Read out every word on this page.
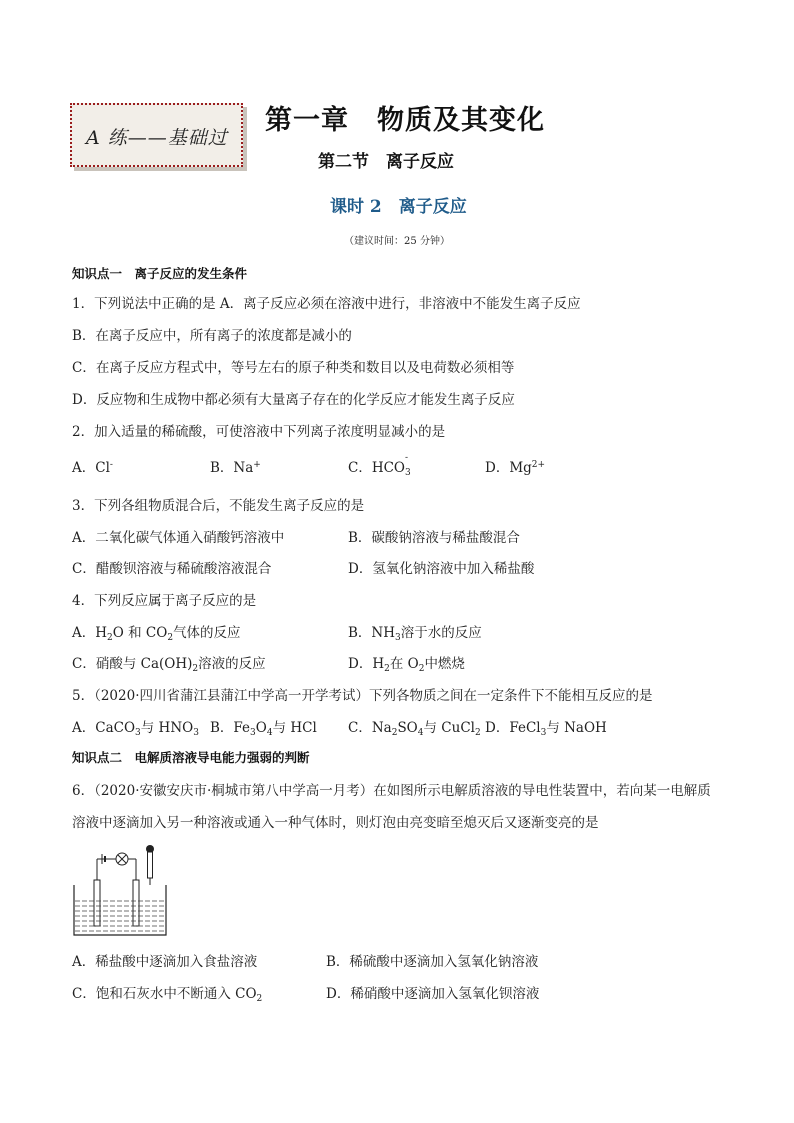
A 练——基础过
第一章　物质及其变化
第二节　离子反应
课时 2　离子反应
（建议时间：25 分钟）
知识点一　离子反应的发生条件
1．下列说法中正确的是 A．离子反应必须在溶液中进行，非溶液中不能发生离子反应
B．在离子反应中，所有离子的浓度都是减小的
C．在离子反应方程式中，等号左右的原子种类和数目以及电荷数必须相等
D．反应物和生成物中都必须有大量离子存在的化学反应才能发生离子反应
2．加入适量的稀硫酸，可使溶液中下列离子浓度明显减小的是
A．Cl-	B．Na+	C．HCO
-
3	D．$Mg^{2+}$
3．下列各组物质混合后，不能发生离子反应的是
A．二氧化碳气体通入硝酸钙溶液中	B．碳酸钠溶液与稀盐酸混合
C．醋酸钡溶液与稀硫酸溶液混合	D．氢氧化钠溶液中加入稀盐酸
4．下列反应属于离子反应的是
A．$H_2O$ 和 $CO_2$气体的反应	B．$NH_3$溶于水的反应
C．硝酸与 $Ca(OH)_2$溶液的反应	D．$H_2$在 $O_2$中燃烧
5．（2020·四川省蒲江县蒲江中学高一开学考试）下列各物质之间在一定条件下不能相互反应的是
A．CaCO$_3$与 $HNO_3$ B．$Fe_3O_4$与 HCl C．$Na_2SO_4$与 CuCl$_2$ D．FeCl$_3$与 NaOH
知识点二　电解质溶液导电能力强弱的判断
6．（2020·安徽安庆市·桐城市第八中学高一月考）在如图所示电解质溶液的导电性装置中，若向某一电解质
溶液中逐滴加入另一种溶液或通入一种气体时，则灯泡由亮变暗至熄灭后又逐渐变亮的是
A．稀盐酸中逐滴加入食盐溶液	B．稀硫酸中逐滴加入氢氧化钠溶液
C．饱和石灰水中不断通入 $CO_2$	D．稀硝酸中逐滴加入氢氧化钡溶液
